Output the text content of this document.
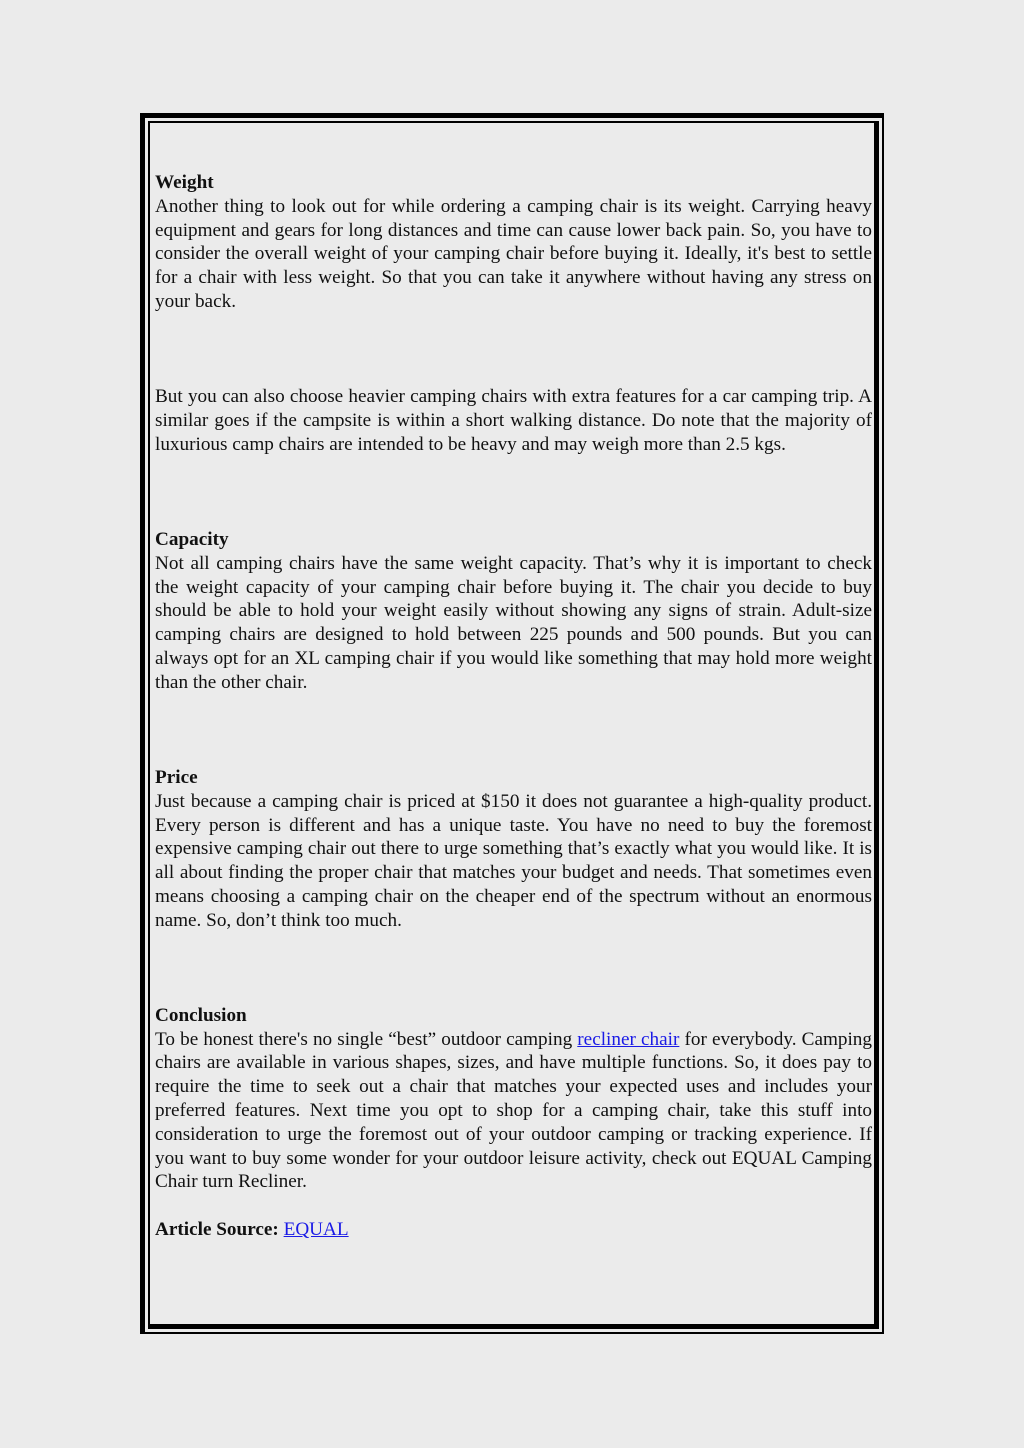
Weight

Another thing to look out for while ordering a camping chair is its weight. Carrying heavy equipment and gears for long distances and time can cause lower back pain. So, you have to consider the overall weight of your camping chair before buying it. Ideally, it's best to settle for a chair with less weight. So that you can take it anywhere without having any stress on your back.

But you can also choose heavier camping chairs with extra features for a car camping trip. A similar goes if the campsite is within a short walking distance. Do note that the majority of luxurious camp chairs are intended to be heavy and may weigh more than 2.5 kgs.

Capacity

Not all camping chairs have the same weight capacity. That’s why it is important to check the weight capacity of your camping chair before buying it. The chair you decide to buy should be able to hold your weight easily without showing any signs of strain. Adult-size camping chairs are designed to hold between 225 pounds and 500 pounds. But you can always opt for an XL camping chair if you would like something that may hold more weight than the other chair.

Price

Just because a camping chair is priced at $150 it does not guarantee a high-quality product. Every person is different and has a unique taste. You have no need to buy the foremost expensive camping chair out there to urge something that’s exactly what you would like. It is all about finding the proper chair that matches your budget and needs. That sometimes even means choosing a camping chair on the cheaper end of the spectrum without an enormous name. So, don’t think too much.

Conclusion

To be honest there's no single “best” outdoor camping recliner chair for everybody. Camping chairs are available in various shapes, sizes, and have multiple functions. So, it does pay to require the time to seek out a chair that matches your expected uses and includes your preferred features. Next time you opt to shop for a camping chair, take this stuff into consideration to urge the foremost out of your outdoor camping or tracking experience. If you want to buy some wonder for your outdoor leisure activity, check out EQUAL Camping Chair turn Recliner.

Article Source: EQUAL
